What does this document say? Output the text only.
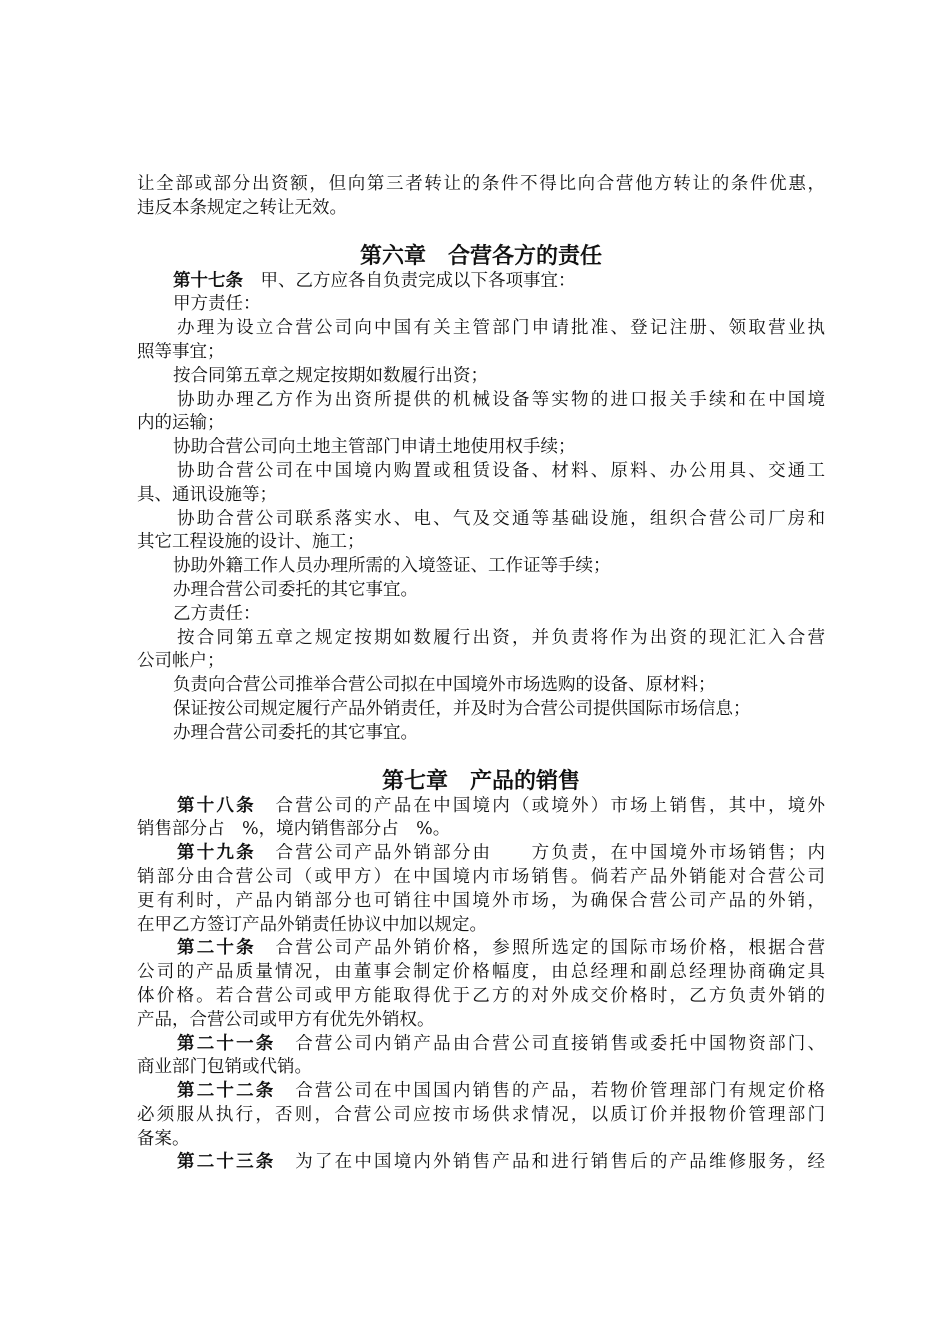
让全部或部分出资额，但向第三者转让的条件不得比向合营他方转让的条件优惠，
违反本条规定之转让无效。
第六章　合营各方的责任
第十七条　甲、乙方应各自负责完成以下各项事宜：
甲方责任：
办理为设立合营公司向中国有关主管部门申请批准、登记注册、领取营业执
照等事宜；
按合同第五章之规定按期如数履行出资；
协助办理乙方作为出资所提供的机械设备等实物的进口报关手续和在中国境
内的运输；
协助合营公司向土地主管部门申请土地使用权手续；
协助合营公司在中国境内购置或租赁设备、材料、原料、办公用具、交通工
具、通讯设施等；
协助合营公司联系落实水、电、气及交通等基础设施，组织合营公司厂房和
其它工程设施的设计、施工；
协助外籍工作人员办理所需的入境签证、工作证等手续；
办理合营公司委托的其它事宜。
乙方责任：
按合同第五章之规定按期如数履行出资，并负责将作为出资的现汇汇入合营
公司帐户；
负责向合营公司推举合营公司拟在中国境外市场选购的设备、原材料；
保证按公司规定履行产品外销责任，并及时为合营公司提供国际市场信息；
办理合营公司委托的其它事宜。
第七章　产品的销售
第十八条　合营公司的产品在中国境内（或境外）市场上销售，其中，境外
销售部分占　%，境内销售部分占　%。
第十九条　合营公司产品外销部分由　　方负责，在中国境外市场销售；内
销部分由合营公司（或甲方）在中国境内市场销售。倘若产品外销能对合营公司
更有利时，产品内销部分也可销往中国境外市场，为确保合营公司产品的外销，
在甲乙方签订产品外销责任协议中加以规定。
第二十条　合营公司产品外销价格，参照所选定的国际市场价格，根据合营
公司的产品质量情况，由董事会制定价格幅度，由总经理和副总经理协商确定具
体价格。若合营公司或甲方能取得优于乙方的对外成交价格时，乙方负责外销的
产品，合营公司或甲方有优先外销权。
第二十一条　合营公司内销产品由合营公司直接销售或委托中国物资部门、
商业部门包销或代销。
第二十二条　合营公司在中国国内销售的产品，若物价管理部门有规定价格
必须服从执行，否则，合营公司应按市场供求情况，以质订价并报物价管理部门
备案。
第二十三条　为了在中国境内外销售产品和进行销售后的产品维修服务，经
